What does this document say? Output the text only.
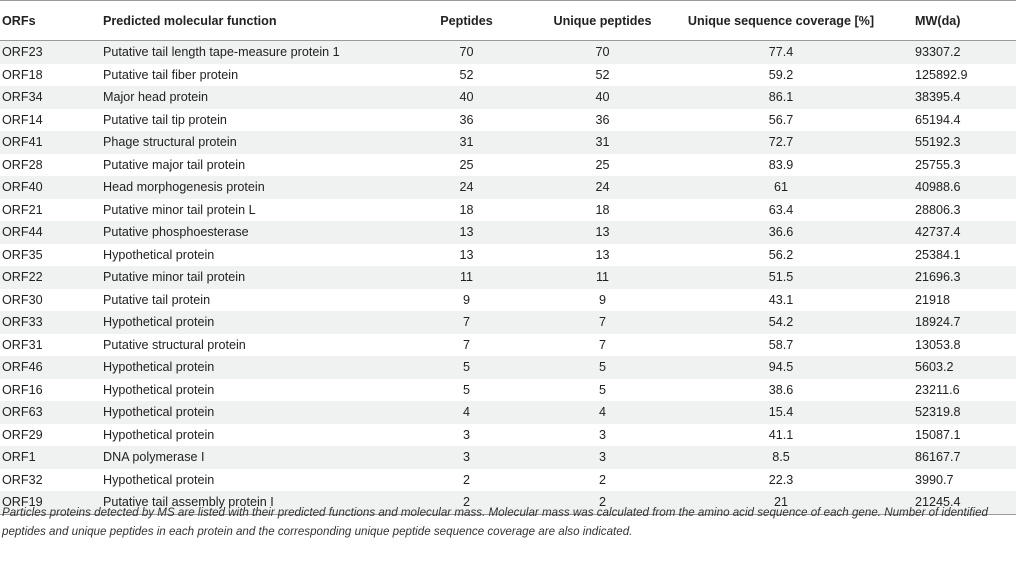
ORFs	Predicted molecular function	Peptides	Unique peptides	Unique sequence coverage [%]	MW(da)
ORF23	Putative tail length tape-measure protein 1	70	70	77.4	93307.2
ORF18	Putative tail fiber protein	52	52	59.2	125892.9
ORF34	Major head protein	40	40	86.1	38395.4
ORF14	Putative tail tip protein	36	36	56.7	65194.4
ORF41	Phage structural protein	31	31	72.7	55192.3
ORF28	Putative major tail protein	25	25	83.9	25755.3
ORF40	Head morphogenesis protein	24	24	61	40988.6
ORF21	Putative minor tail protein L	18	18	63.4	28806.3
ORF44	Putative phosphoesterase	13	13	36.6	42737.4
ORF35	Hypothetical protein	13	13	56.2	25384.1
ORF22	Putative minor tail protein	11	11	51.5	21696.3
ORF30	Putative tail protein	9	9	43.1	21918
ORF33	Hypothetical protein	7	7	54.2	18924.7
ORF31	Putative structural protein	7	7	58.7	13053.8
ORF46	Hypothetical protein	5	5	94.5	5603.2
ORF16	Hypothetical protein	5	5	38.6	23211.6
ORF63	Hypothetical protein	4	4	15.4	52319.8
ORF29	Hypothetical protein	3	3	41.1	15087.1
ORF1	DNA polymerase I	3	3	8.5	86167.7
ORF32	Hypothetical protein	2	2	22.3	3990.7
ORF19	Putative tail assembly protein I	2	2	21	21245.4
Particles proteins detected by MS are listed with their predicted functions and molecular mass. Molecular mass was calculated from the amino acid sequence of each gene. Number of identified peptides and unique peptides in each protein and the corresponding unique peptide sequence coverage are also indicated.
